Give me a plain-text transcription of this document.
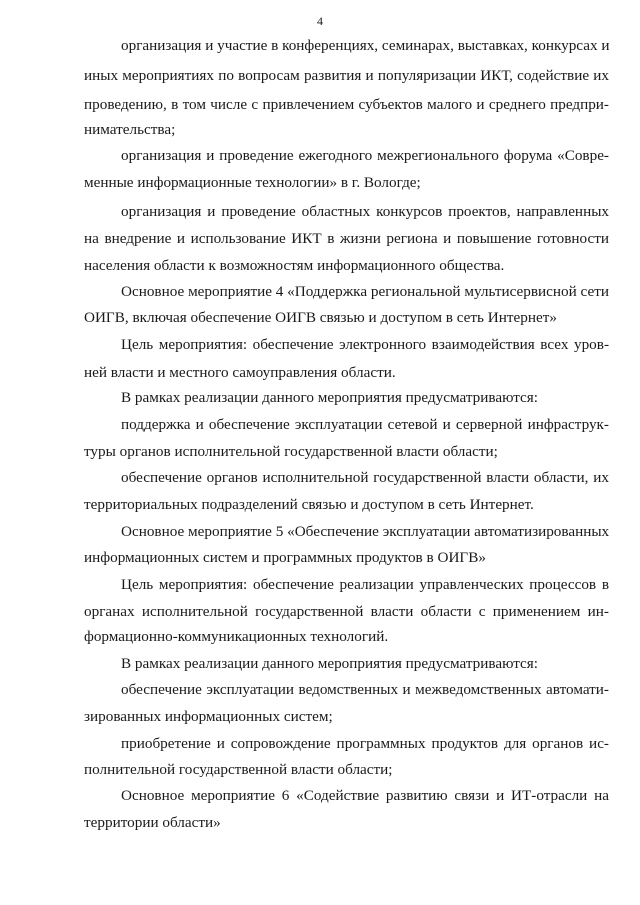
4
организация и участие в конференциях, семинарах, выставках, конкурсах и
иных мероприятиях по вопросам развития и популяризации ИКТ, содействие их
проведению, в том числе с привлечением субъектов малого и среднего предпри-
нимательства;
организация и проведение ежегодного межрегионального форума «Совре-
менные информационные технологии» в г. Вологде;
организация и проведение областных конкурсов проектов, направленных
на внедрение и использование ИКТ в жизни региона и повышение готовности
населения области к возможностям информационного общества.
Основное мероприятие 4 «Поддержка региональной мультисервисной сети
ОИГВ, включая обеспечение ОИГВ связью и доступом в сеть Интернет»
Цель мероприятия: обеспечение электронного взаимодействия всех уров-
ней власти и местного самоуправления области.
В рамках реализации данного мероприятия предусматриваются:
поддержка и обеспечение эксплуатации сетевой и серверной инфраструк-
туры органов исполнительной государственной власти области;
обеспечение органов исполнительной государственной власти области, их
территориальных подразделений связью и доступом в сеть Интернет.
Основное мероприятие 5 «Обеспечение эксплуатации автоматизированных
информационных систем и программных продуктов в ОИГВ»
Цель мероприятия: обеспечение реализации управленческих процессов в
органах исполнительной государственной власти области с применением ин-
формационно-коммуникационных технологий.
В рамках реализации данного мероприятия предусматриваются:
обеспечение эксплуатации ведомственных и межведомственных автомати-
зированных информационных систем;
приобретение и сопровождение программных продуктов для органов ис-
полнительной государственной власти области;
Основное мероприятие 6 «Содействие развитию связи и ИТ-отрасли на
территории области»
